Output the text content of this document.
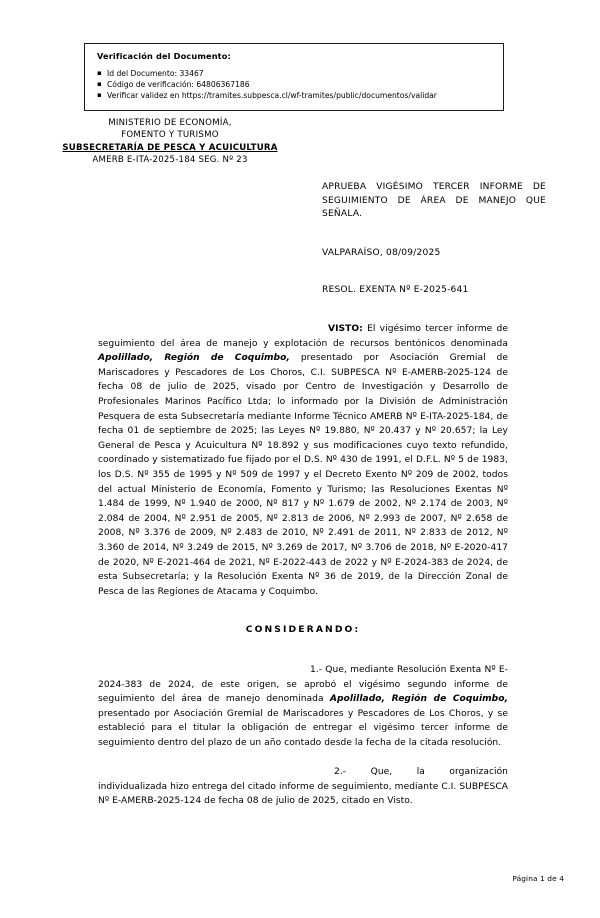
Verificación del Documento:
▪ Id del Documento: 33467
▪ Código de verificación: 64806367186
▪ Verificar validez en https://tramites.subpesca.cl/wf-tramites/public/documentos/validar
MINISTERIO DE ECONOMÍA,
FOMENTO Y TURISMO
SUBSECRETARÍA DE PESCA Y ACUICULTURA
AMERB E-ITA-2025-184 SEG. Nº 23
APRUEBA VIGÉSIMO TERCER INFORME DE SEGUIMIENTO DE ÁREA DE MANEJO QUE SEÑALA.
VALPARAÍSO, 08/09/2025
RESOL. EXENTA Nº E-2025-641

VISTO: El vigésimo tercer informe de seguimiento del área de manejo y explotación de recursos bentónicos denominada Apolillado, Región de Coquimbo, presentado por Asociación Gremial de Mariscadores y Pescadores de Los Choros, C.I. SUBPESCA Nº E-AMERB-2025-124 de fecha 08 de julio de 2025, visado por Centro de Investigación y Desarrollo de Profesionales Marinos Pacífico Ltda; lo informado por la División de Administración Pesquera de esta Subsecretaría mediante Informe Técnico AMERB Nº E-ITA-2025-184, de fecha 01 de septiembre de 2025; las Leyes Nº 19.880, Nº 20.437 y Nº 20.657; la Ley General de Pesca y Acuicultura Nº 18.892 y sus modificaciones cuyo texto refundido, coordinado y sistematizado fue fijado por el D.S. Nº 430 de 1991, el D.F.L. Nº 5 de 1983, los D.S. Nº 355 de 1995 y Nº 509 de 1997 y el Decreto Exento Nº 209 de 2002, todos del actual Ministerio de Economía, Fomento y Turismo; las Resoluciones Exentas Nº 1.484 de 1999, Nº 1.940 de 2000, Nº 817 y Nº 1.679 de 2002, Nº 2.174 de 2003, Nº 2.084 de 2004, Nº 2.951 de 2005, Nº 2.813 de 2006, Nº 2.993 de 2007, Nº 2.658 de 2008, Nº 3.376 de 2009, Nº 2.483 de 2010, Nº 2.491 de 2011, Nº 2.833 de 2012, Nº 3.360 de 2014, Nº 3.249 de 2015, Nº 3.269 de 2017, Nº 3.706 de 2018, Nº E-2020-417 de 2020, Nº E-2021-464 de 2021, Nº E-2022-443 de 2022 y Nº E-2024-383 de 2024, de esta Subsecretaría; y la Resolución Exenta Nº 36 de 2019, de la Dirección Zonal de Pesca de las Regiones de Atacama y Coquimbo.

CONSIDERANDO:

1.- Que, mediante Resolución Exenta Nº E-2024-383 de 2024, de este origen, se aprobó el vigésimo segundo informe de seguimiento del área de manejo denominada Apolillado, Región de Coquimbo, presentado por Asociación Gremial de Mariscadores y Pescadores de Los Choros, y se estableció para el titular la obligación de entregar el vigésimo tercer informe de seguimiento dentro del plazo de un año contado desde la fecha de la citada resolución.

2.- Que, la organización individualizada hizo entrega del citado informe de seguimiento, mediante C.I. SUBPESCA Nº E-AMERB-2025-124 de fecha 08 de julio de 2025, citado en Visto.

Página 1 de 4
